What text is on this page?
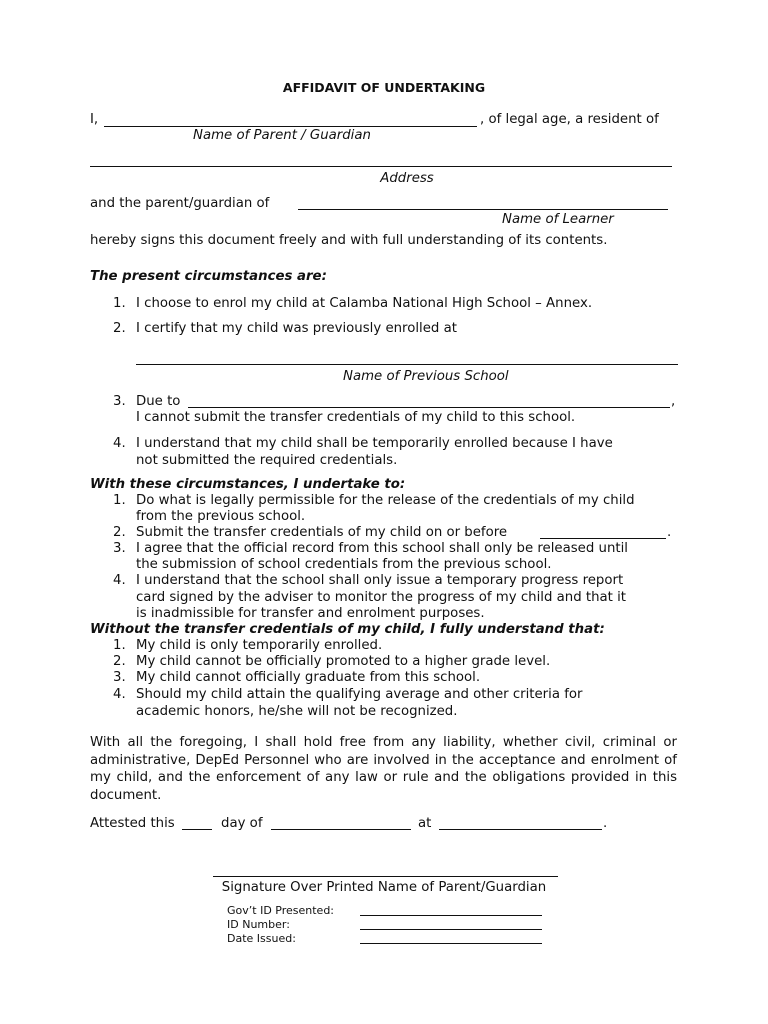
AFFIDAVIT OF UNDERTAKING
I,	, of legal age, a resident of
Name of Parent / Guardian
Address
and the parent/guardian of
Name of Learner
hereby signs this document freely and with full understanding of its contents.
The present circumstances are:
1. I choose to enrol my child at Calamba National High School – Annex.
2. I certify that my child was previously enrolled at
Name of Previous School
3. Due to	,
I cannot submit the transfer credentials of my child to this school.
4. I understand that my child shall be temporarily enrolled because I have
not submitted the required credentials.
With these circumstances, I undertake to:
1. Do what is legally permissible for the release of the credentials of my child
from the previous school.
2. Submit the transfer credentials of my child on or before	.
3. I agree that the official record from this school shall only be released until
the submission of school credentials from the previous school.
4. I understand that the school shall only issue a temporary progress report
card signed by the adviser to monitor the progress of my child and that it
is inadmissible for transfer and enrolment purposes.
Without the transfer credentials of my child, I fully understand that:
1. My child is only temporarily enrolled.
2. My child cannot be officially promoted to a higher grade level.
3. My child cannot officially graduate from this school.
4. Should my child attain the qualifying average and other criteria for
academic honors, he/she will not be recognized.
With all the foregoing, I shall hold free from any liability, whether civil, criminal or administrative, DepEd Personnel who are involved in the acceptance and enrolment of my child, and the enforcement of any law or rule and the obligations provided in this document.
Attested this	day of	at	.
Signature Over Printed Name of Parent/Guardian
Gov’t ID Presented:
ID Number:
Date Issued:
